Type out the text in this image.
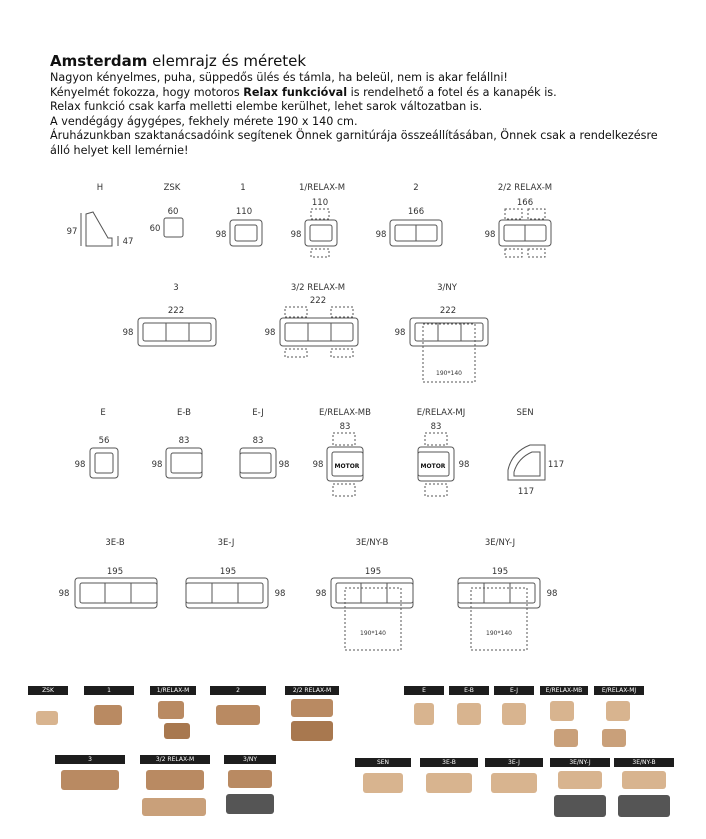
Amsterdam elemrajz és méretek

Nagyon kényelmes, puha, süppedős ülés és támla, ha beleül, nem is akar felállni!

Kényelmét fokozza, hogy motoros Relax funkcióval is rendelhető a fotel és a kanapék is.

Relax funkció csak karfa melletti elembe kerülhet, lehet sarok változatban is.

A vendégágy ágygépes, fekhely mérete 190 x 140 cm.

Áruházunkban szaktanácsadóink segítenek Önnek garnitúrája összeállításában, Önnek csak a rendelkezésre álló helyet kell lemérnie!

H
97
47
ZSK
60
60
1
110
98
1/RELAX-M
110
98
2
166
98
2/2 RELAX-M
166
98
3
222
98
3/2 RELAX-M
222
98
3/NY
222
190*140
98
E
56
98
E-B
83
98
E-J
83
98
E/RELAX-MB
83
MOTOR
98
E/RELAX-MJ
83
MOTOR 98
SEN
117
117
3E-B
195
98
3E-J
195
98
3E/NY-B
195
190*140
98
3E/NY-J
195
190*140
98
ZSK	1	1/RELAX-M	2	2/2 RELAX-M
3	3/2 RELAX-M	3/NY
E	E-B	E-J	E/RELAX-MB	E/RELAX-MJ
SEN	3E-B	3E-J	3E/NY-J	3E/NY-B
